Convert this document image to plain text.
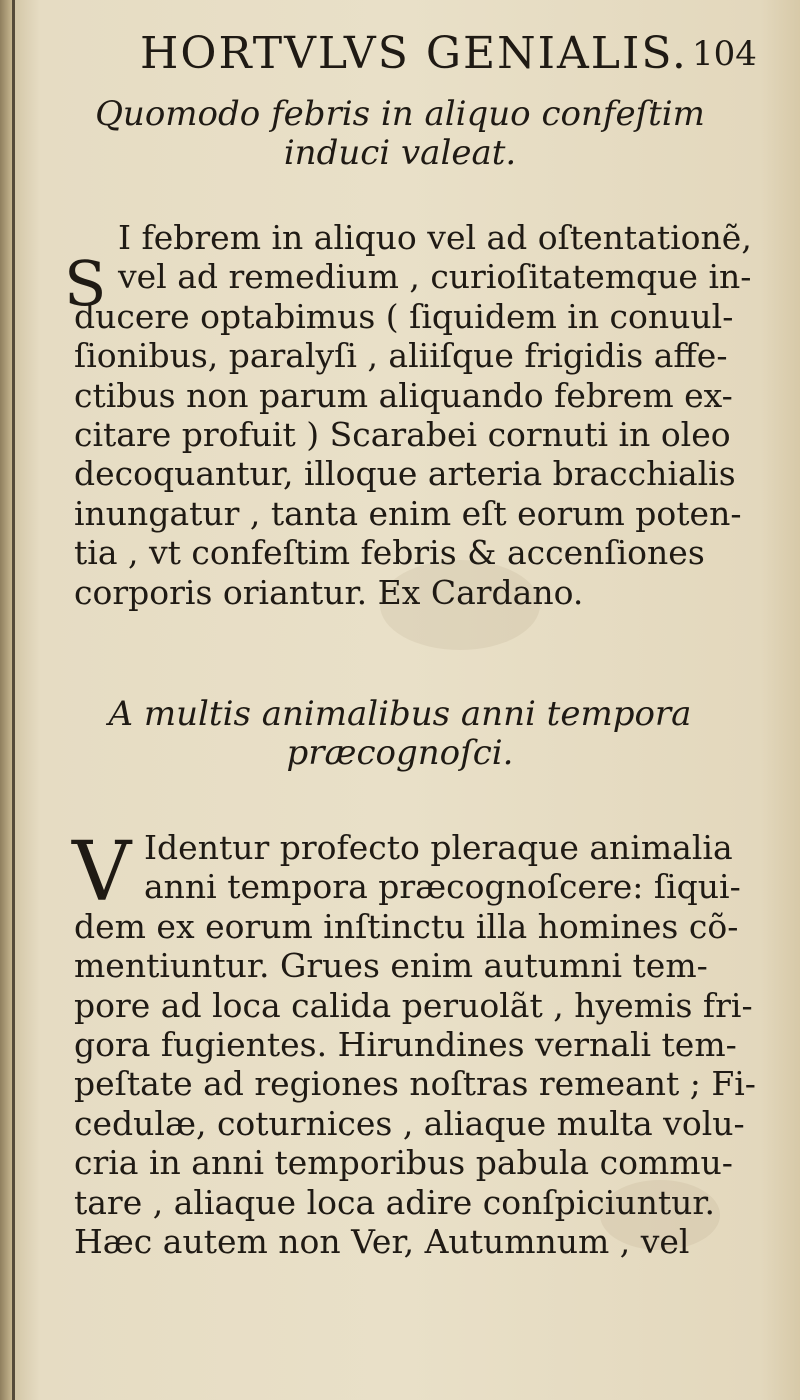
HORTVLVS GENIALIS. 104
Quomodo febris in aliquo confeſtim
induci valeat.
S
I febrem in aliquo vel ad oſtentationẽ,
vel ad remedium , curioſitatemque in-
ducere optabimus ( ſiquidem in conuul-
ſionibus, paralyſi , aliiſque frigidis affe-
ctibus non parum aliquando febrem ex-
citare profuit ) Scarabei cornuti in oleo
decoquantur, illoque arteria bracchialis
inungatur , tanta enim eſt eorum poten-
tia , vt confeſtim febris & accenſiones
corporis oriantur. Ex Cardano.
A multis animalibus anni tempora
præcognoſci.
V Identur profecto pleraque animalia
anni tempora præcognoſcere: ſiqui-
dem ex eorum inſtinctu illa homines cõ-
mentiuntur. Grues enim autumni tem-
pore ad loca calida peruolãt , hyemis fri-
gora fugientes. Hirundines vernali tem-
peſtate ad regiones noſtras remeant ; Fi-
cedulæ, coturnices , aliaque multa volu-
cria in anni temporibus pabula commu-
tare , aliaque loca adire conſpiciuntur.
Hæc autem non Ver, Autumnum , vel
